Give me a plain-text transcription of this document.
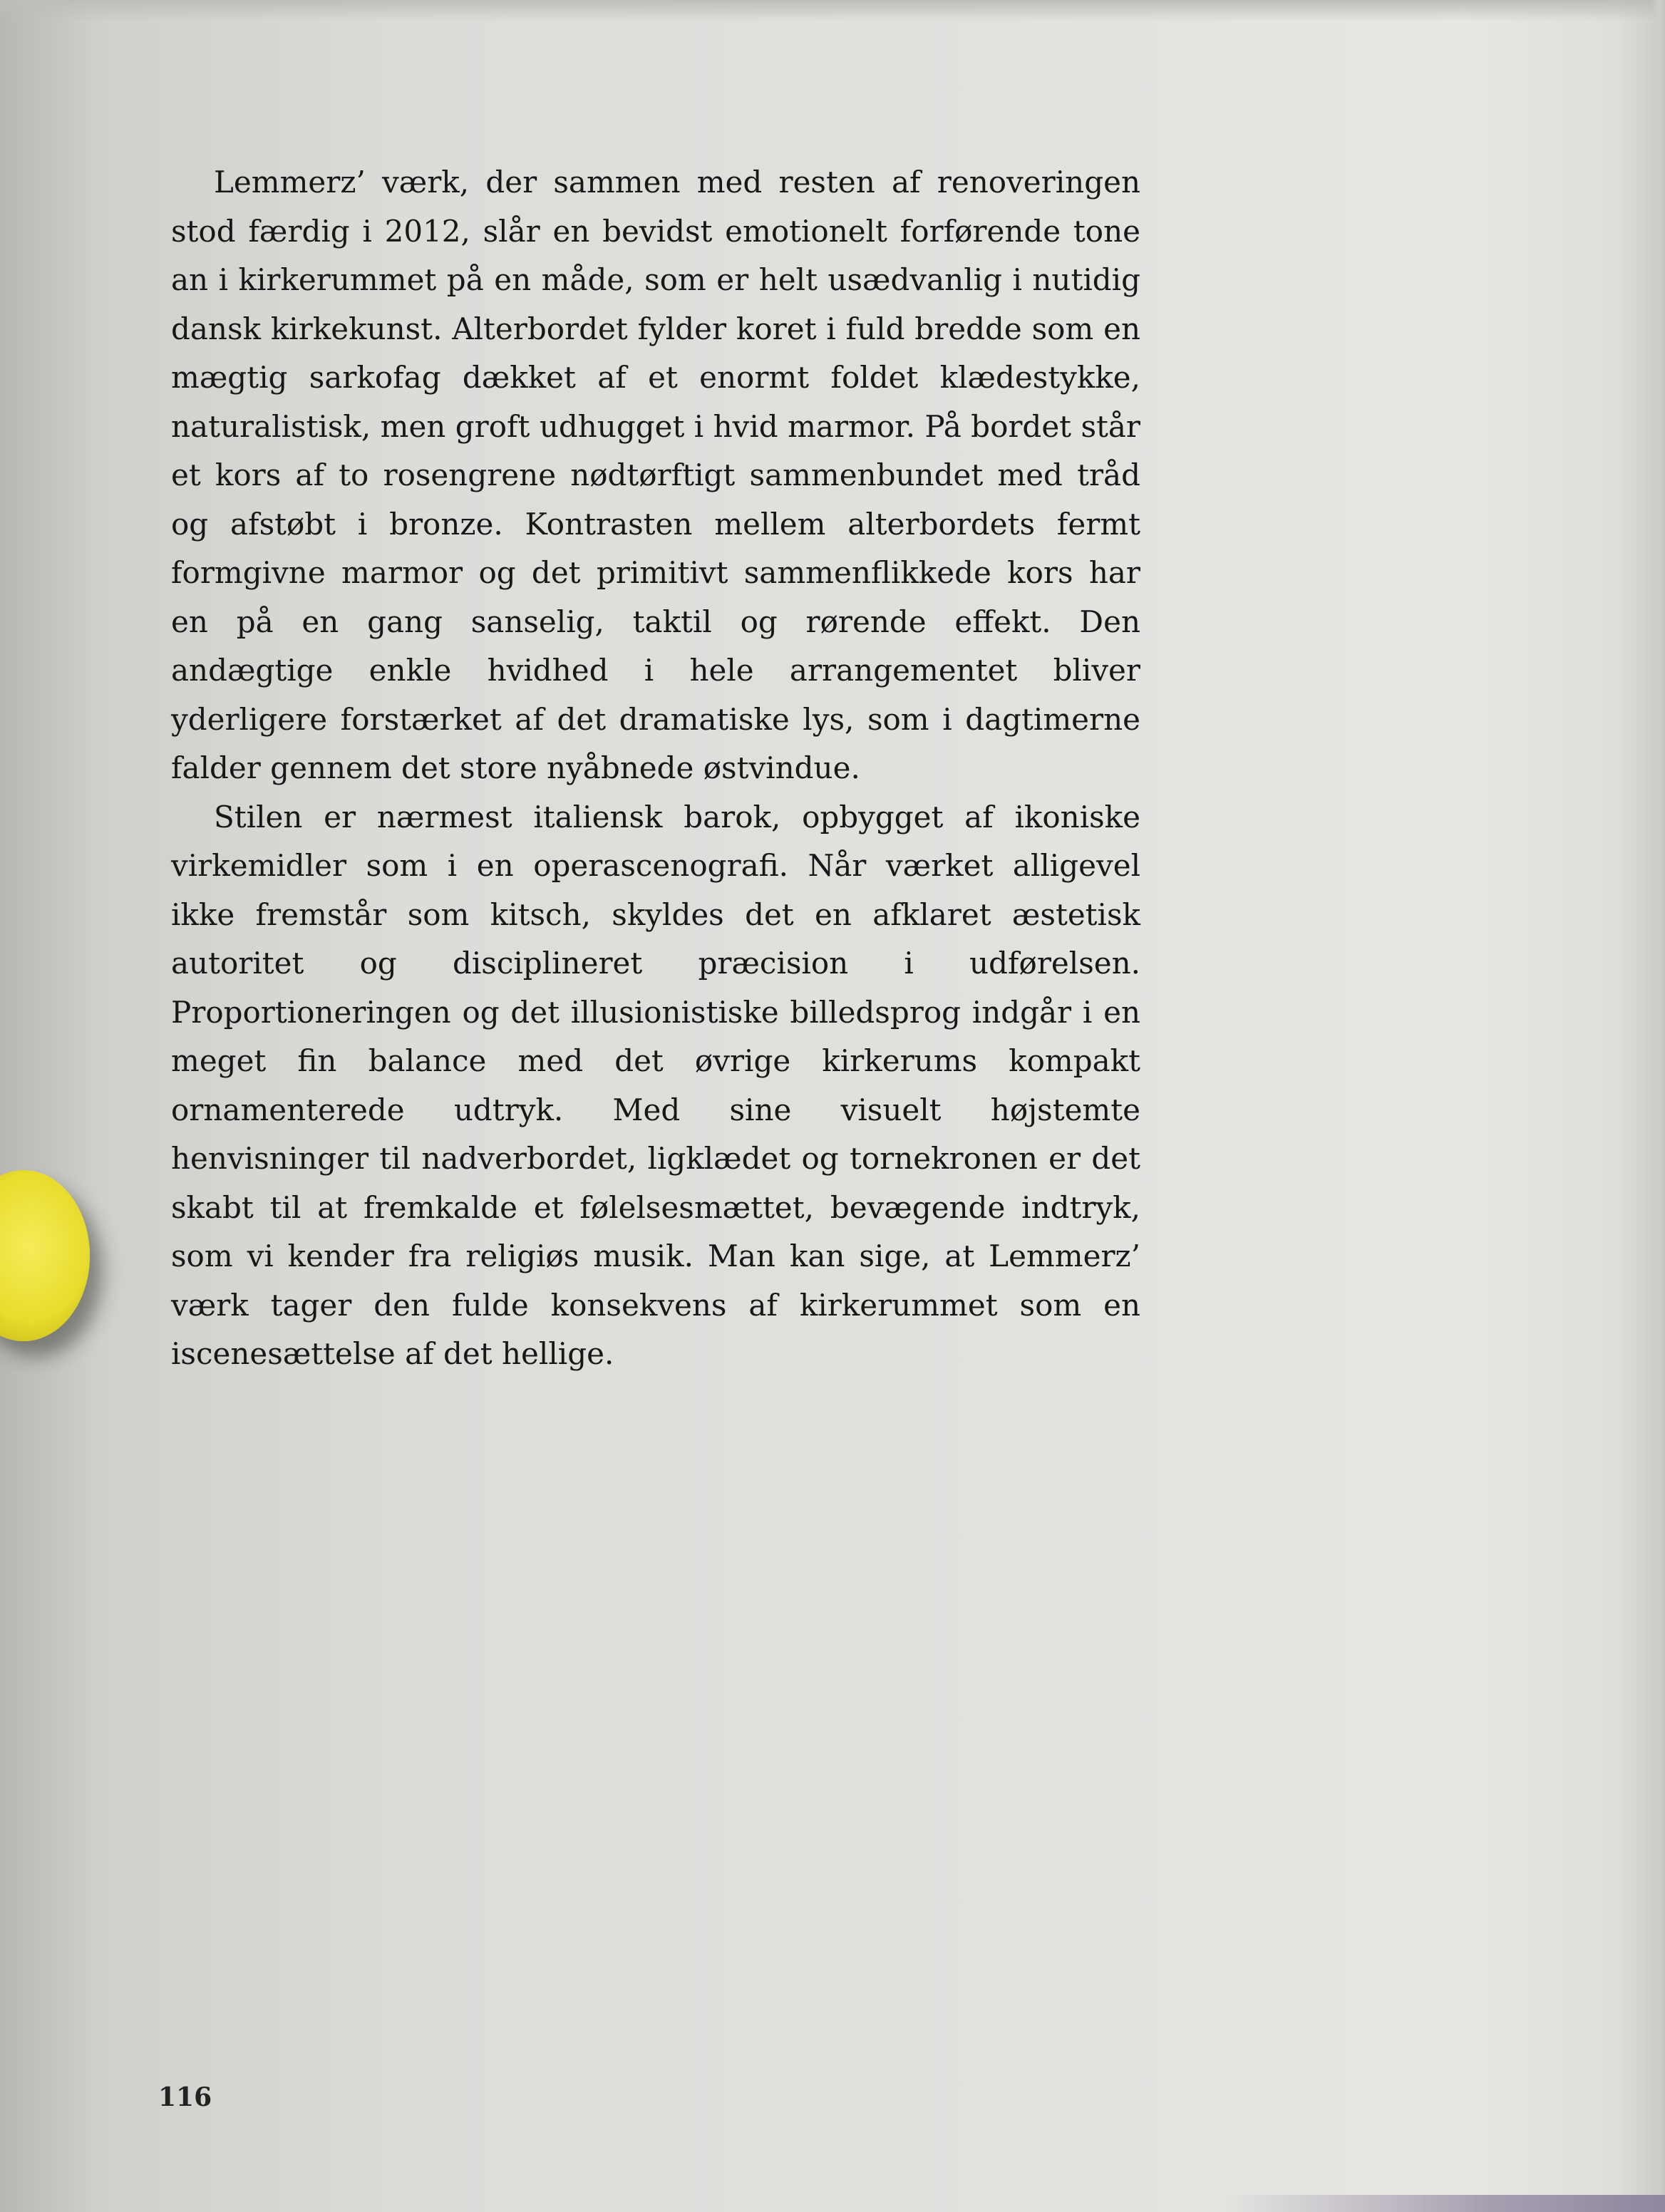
Lemmerz’ værk, der sammen med resten af renoveringen stod færdig i 2012, slår en bevidst emotionelt forførende tone an i kirkerummet på en måde, som er helt usædvanlig i nutidig dansk kirkekunst. Alterbordet fylder koret i fuld bredde som en mægtig sarkofag dækket af et enormt foldet klædestykke, naturalistisk, men groft udhugget i hvid marmor. På bordet står et kors af to rosengrene nødtørftigt sammenbundet med tråd og afstøbt i bronze. Kontrasten mellem alterbordets fermt formgivne marmor og det primitivt sammenflikkede kors har en på en gang sanselig, taktil og rørende effekt. Den andægtige enkle hvidhed i hele arrangementet bliver yderligere forstærket af det dramatiske lys, som i dagtimerne falder gennem det store nyåbnede østvindue.

Stilen er nærmest italiensk barok, opbygget af ikoniske virkemidler som i en operascenografi. Når værket alligevel ikke fremstår som kitsch, skyldes det en afklaret æstetisk autoritet og disciplineret præcision i udførelsen. Proportioneringen og det illusionistiske billedsprog indgår i en meget fin balance med det øvrige kirkerums kompakt ornamenterede udtryk. Med sine visuelt højstemte henvisninger til nadverbordet, ligklædet og tornekronen er det skabt til at fremkalde et følelsesmættet, bevægende indtryk, som vi kender fra religiøs musik. Man kan sige, at Lemmerz’ værk tager den fulde konsekvens af kirkerummet som en iscenesættelse af det hellige.

116
